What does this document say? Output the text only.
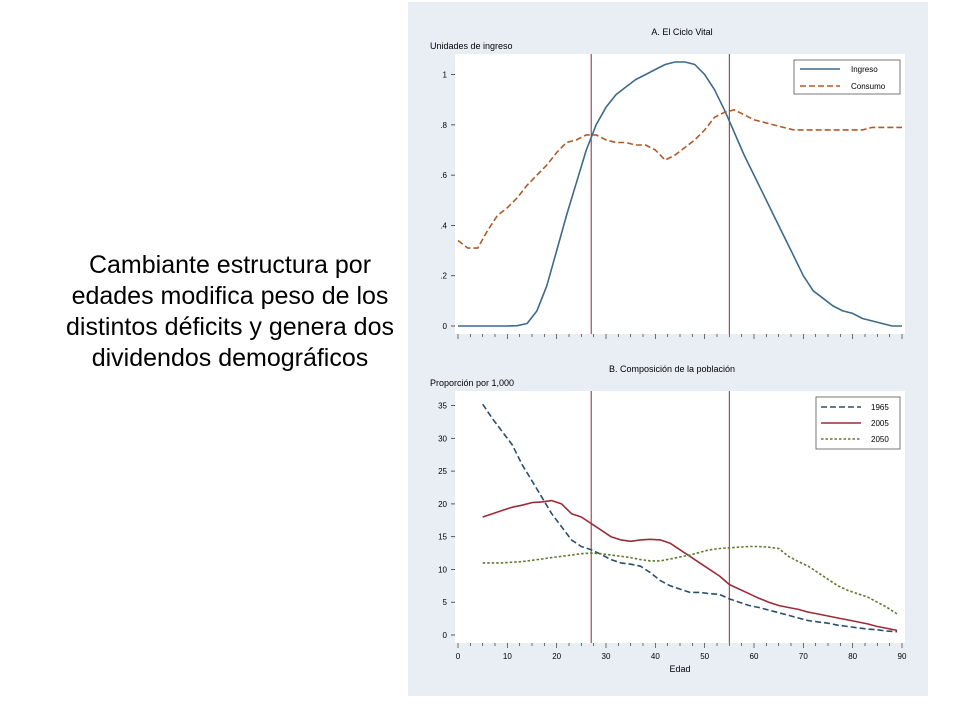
Cambiante estructura por edades modifica peso de los distintos déficits y genera dos dividendos demográficos
A. El Ciclo Vital
Unidades de ingreso
0
.2
.4
.6
.8
1
Ingreso
Consumo
B. Composición de la población
Proporción por 1,000
0
5
10
15
20
25
30
35
0	10	20	30	40	50	60	70	80	90
Edad
1965
2005
2050
